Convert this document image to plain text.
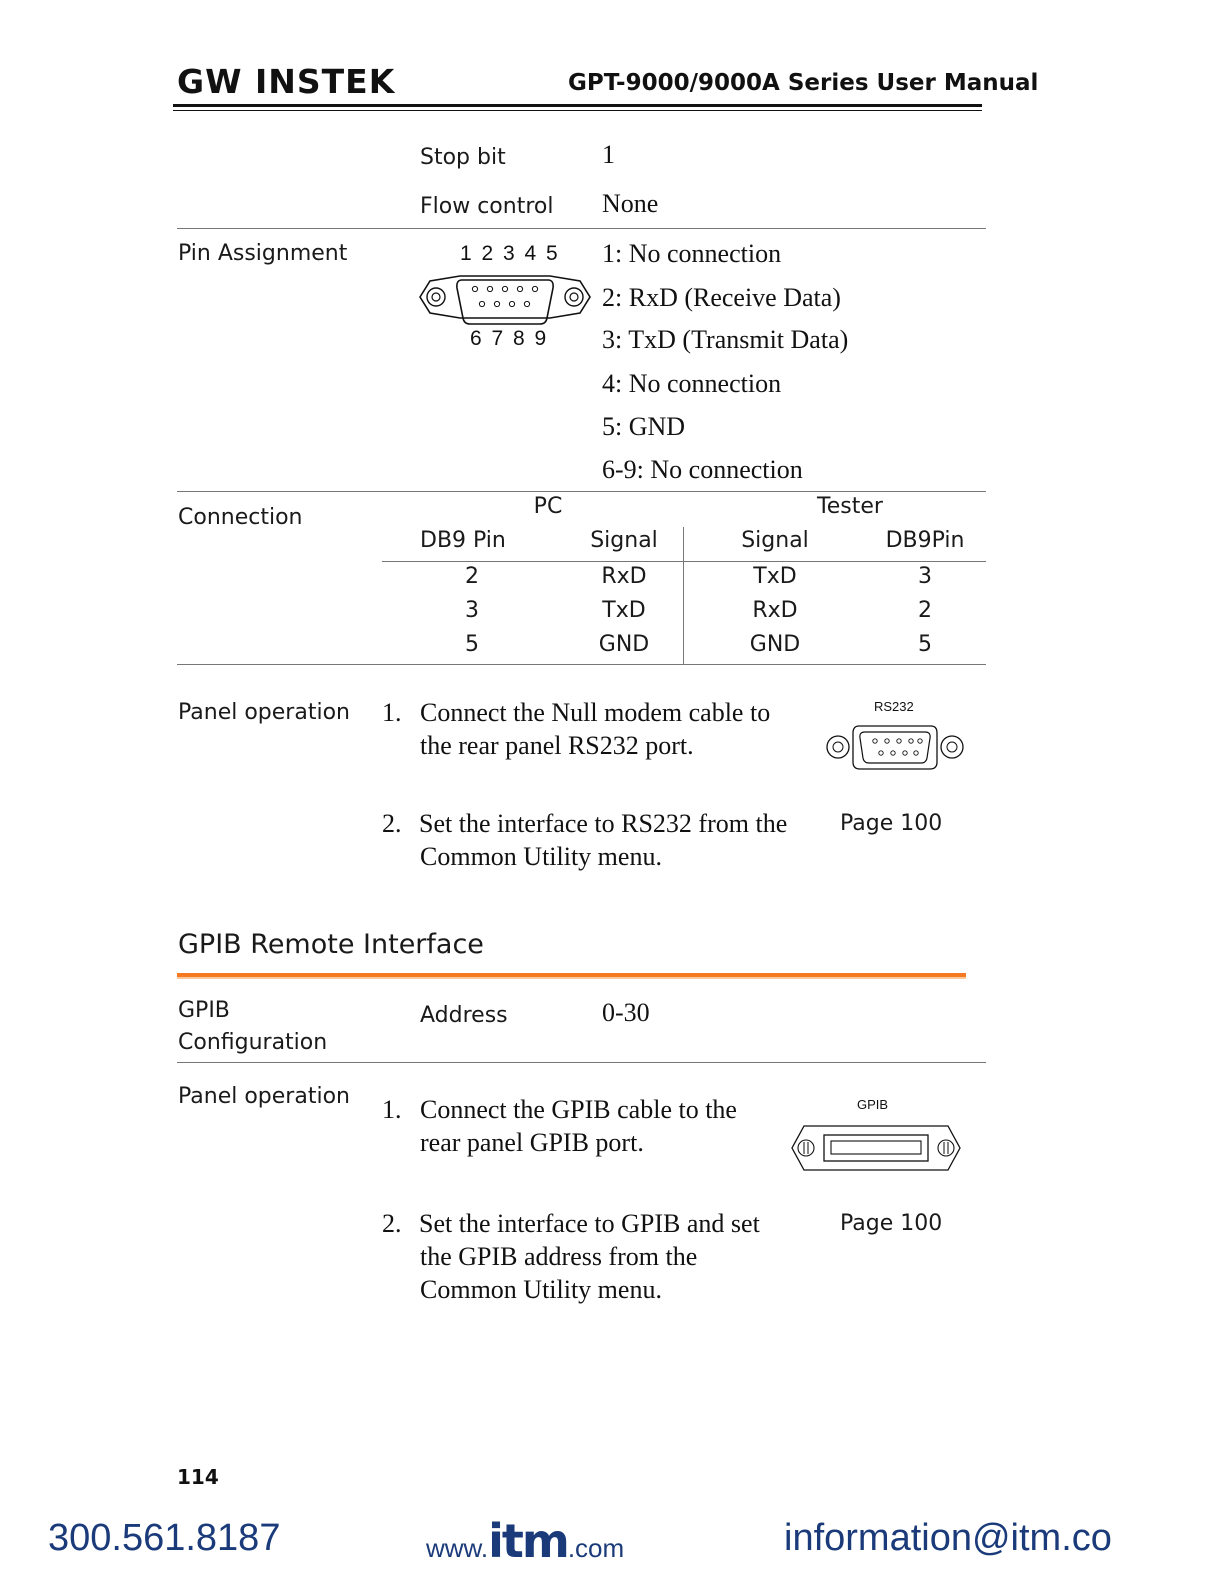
GW INSTEK	GPT-9000/9000A Series User Manual
Stop bit	1
Flow control None
Pin Assignment	1 2 3 4 5
6 7 8 9
1: No connection
2: RxD (Receive Data)
3: TxD (Transmit Data)
4: No connection
5: GND
6-9: No connection
Connection	PC	Tester
DB9 Pin	Signal	Signal	DB9Pin
2	RxD	TxD	3
3	TxD	RxD	2
5	GND	GND	5
Panel operation 1. Connect the Null modem cable to
the rear panel RS232 port.
RS232
2. Set the interface to RS232 from the
Common Utility menu.
Page 100
GPIB Remote Interface
GPIB
Configuration
Address	0-30
Panel operation 1. Connect the GPIB cable to the
rear panel GPIB port.
GPIB
2. Set the interface to GPIB and set
the GPIB address from the
Common Utility menu.
Page 100
114
300.561.8187	www. itm .com	information@itm.co
